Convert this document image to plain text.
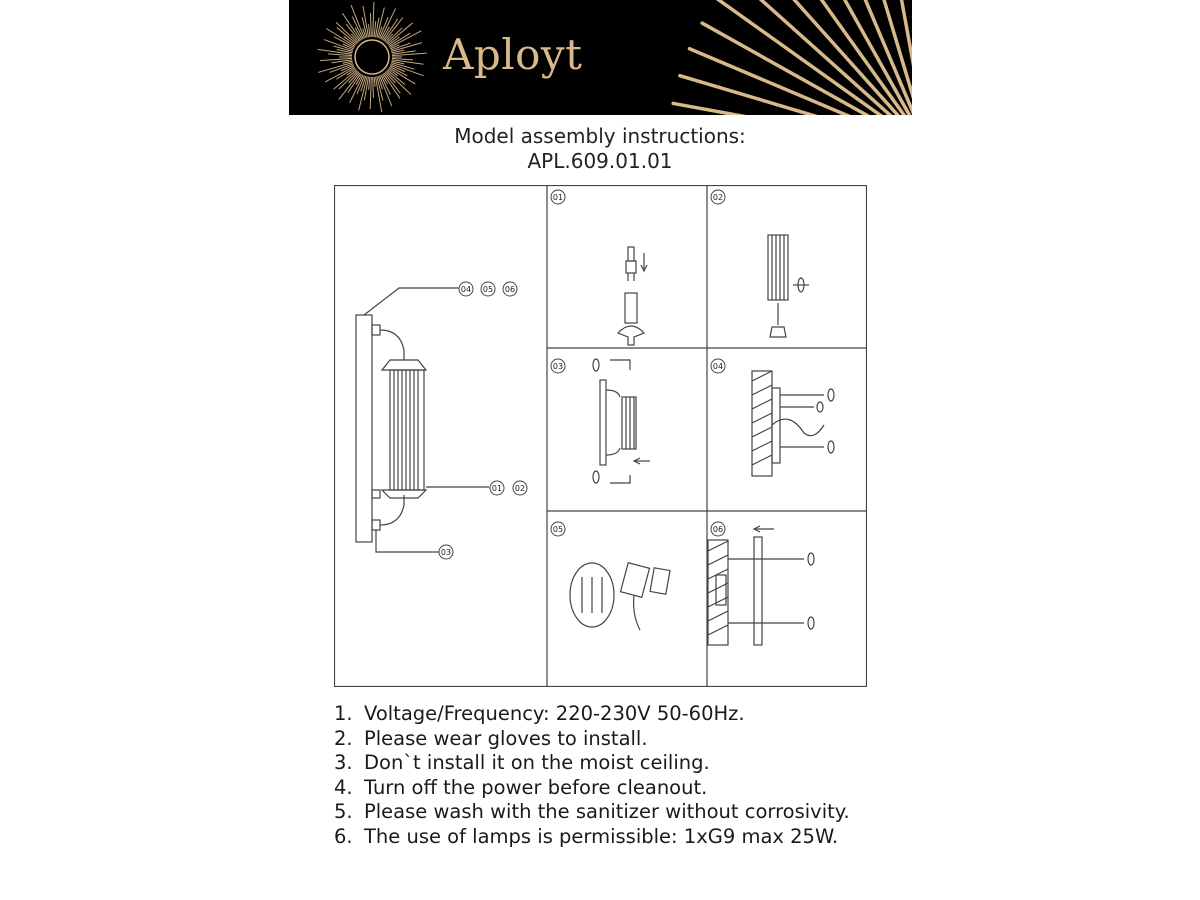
Aployt
Model assembly instructions:
APL.609.01.01
04 05 06
01 02
03
01	02
03	04
05	06
1. Voltage/Frequency: 220-230V 50-60Hz.
2. Please wear gloves to install.
3. Don`t install it on the moist ceiling.
4. Turn off the power before cleanout.
5. Please wash with the sanitizer without corrosivity.
6. The use of lamps is permissible: 1xG9 max 25W.
